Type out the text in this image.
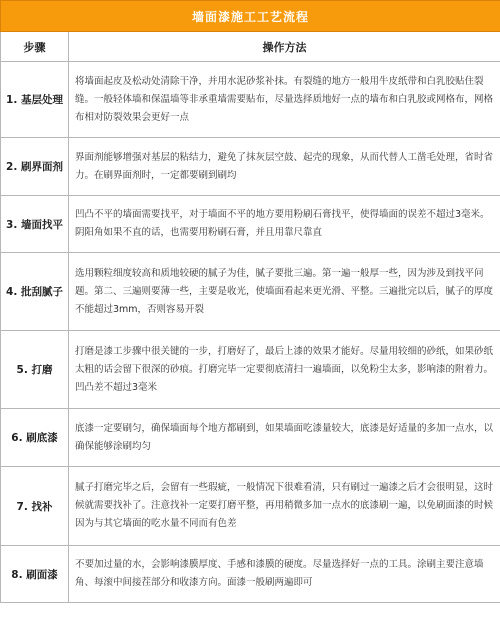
墙面漆施工工艺流程	
步骤	操作方法
1. 基层处理	将墙面起皮及松动处清除干净，并用水泥砂浆补抹。有裂缝的地方一般用牛皮纸带和白乳胶贴住裂缝。一般轻体墙和保温墙等非承重墙需要贴布，尽量选择质地好一点的墙布和白乳胶或网格布，网格布相对防裂效果会更好一点
2. 刷界面剂	界面剂能够增强对基层的粘结力，避免了抹灰层空鼓、起壳的现象，从而代替人工凿毛处理，省时省力。在刷界面剂时，一定都要刷到刷均
3. 墙面找平	凹凸不平的墙面需要找平，对于墙面不平的地方要用粉刷石膏找平，使得墙面的误差不超过3毫米。阴阳角如果不直的话，也需要用粉刷石膏，并且用靠尺靠直
4. 批刮腻子	选用颗粒细度较高和质地较硬的腻子为佳，腻子要批三遍。第一遍一般厚一些，因为涉及到找平问题。第二、三遍则要薄一些，主要是收光，使墙面看起来更光滑、平整。三遍批完以后，腻子的厚度不能超过3mm，否则容易开裂
5. 打磨	打磨是漆工步骤中很关键的一步，打磨好了，最后上漆的效果才能好。尽量用较细的砂纸，如果砂纸太粗的话会留下很深的砂痕。打磨完毕一定要彻底清扫一遍墙面，以免粉尘太多，影响漆的附着力。凹凸差不超过3毫米
6. 刷底漆	底漆一定要刷匀，确保墙面每个地方都刷到，如果墙面吃漆量较大，底漆是好适量的多加一点水，以确保能够涂刷均匀
7. 找补	腻子打磨完毕之后，会留有一些瑕疵，一般情况下很难看清，只有刷过一遍漆之后才会很明显，这时候就需要找补了。注意找补一定要打磨平整，再用稍微多加一点水的底漆刷一遍，以免刷面漆的时候因为与其它墙面的吃水量不同而有色差
8. 刷面漆	不要加过量的水，会影响漆膜厚度、手感和漆膜的硬度。尽量选择好一点的工具。涂刷主要注意墙角、每滚中间接茬部分和收漆方向。面漆一般刷两遍即可
